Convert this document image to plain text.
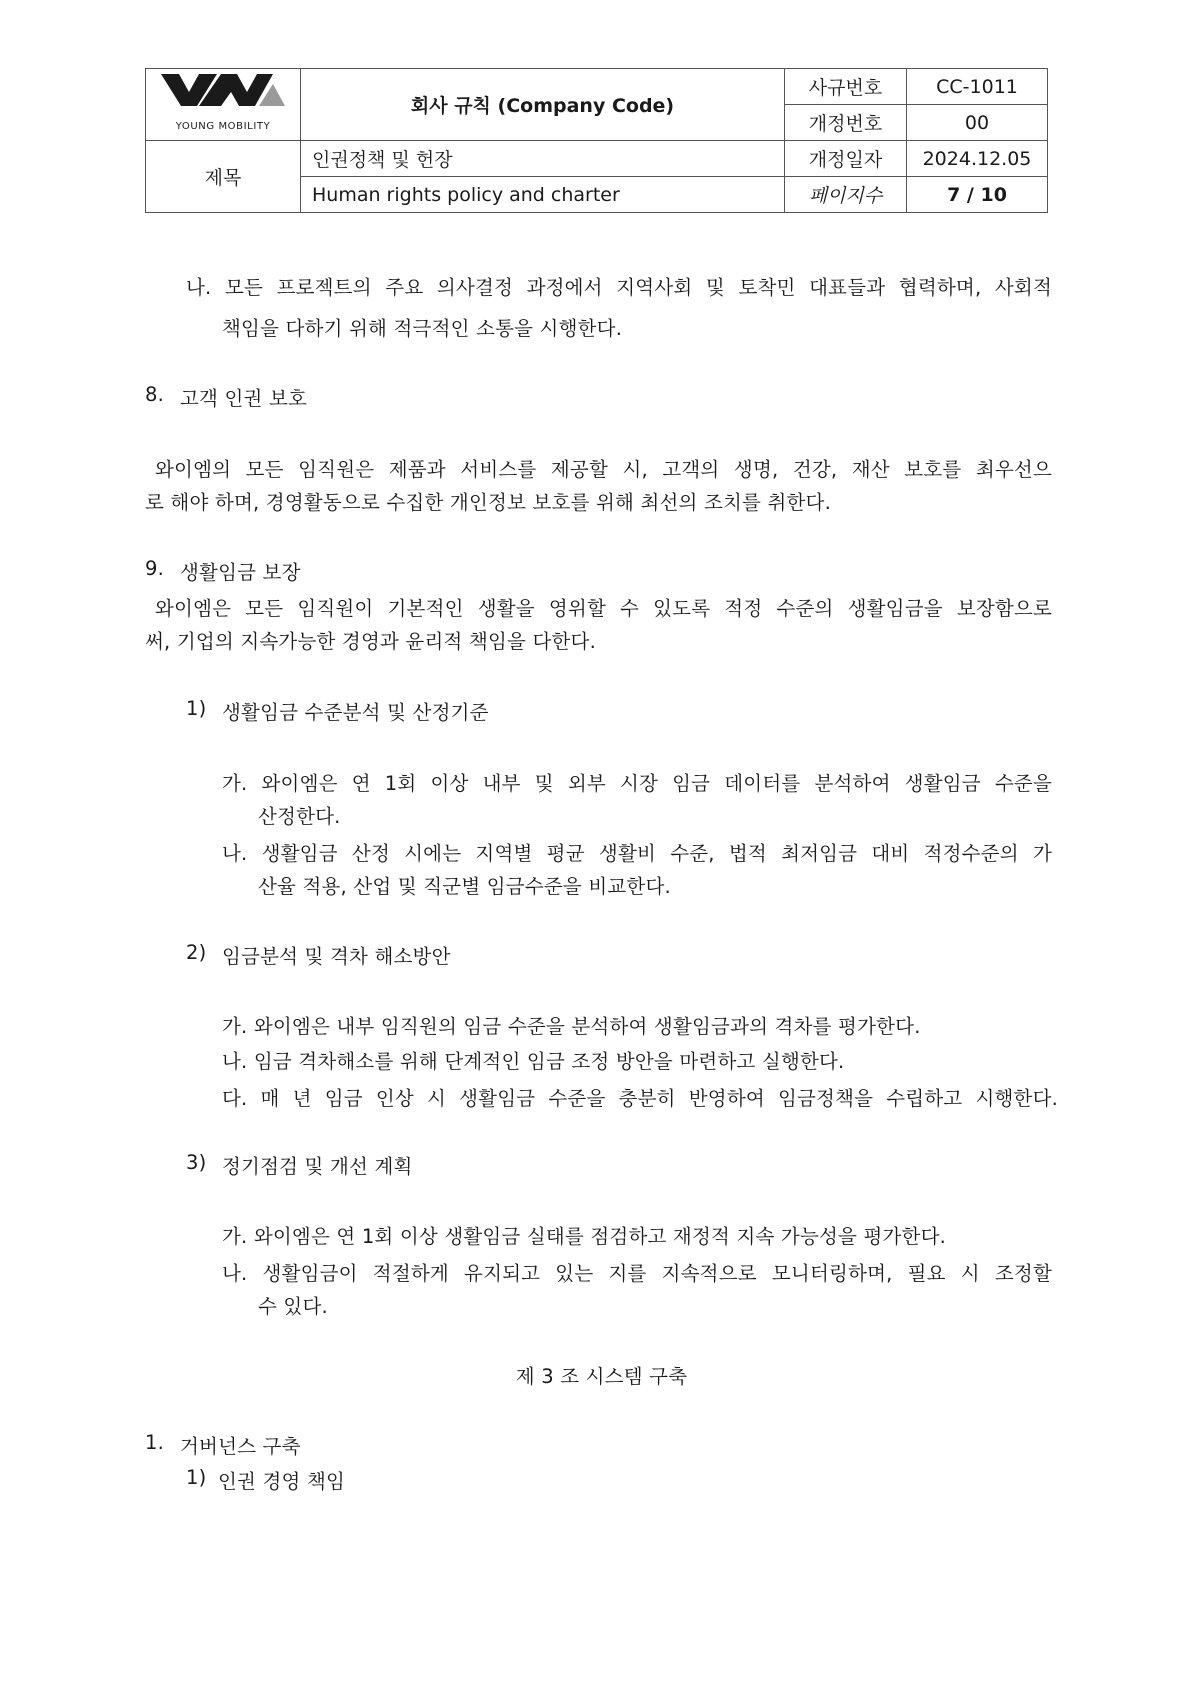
YOUNG MOBILITY	회사 규칙 (Company Code)	사규번호	CC-1011
		개정번호	00
제목	인권정책 및 헌장	개정일자	2024.12.05
	Human rights policy and charter	페이지수	7 / 10
나. 모든 프로젝트의 주요 의사결정 과정에서 지역사회 및 토착민 대표들과 협력하며, 사회적
책임을 다하기 위해 적극적인 소통을 시행한다.
8. 고객 인권 보호
와이엠의 모든 임직원은 제품과 서비스를 제공할 시, 고객의 생명, 건강, 재산 보호를 최우선으
로 해야 하며, 경영활동으로 수집한 개인정보 보호를 위해 최선의 조치를 취한다.
9. 생활임금 보장
와이엠은 모든 임직원이 기본적인 생활을 영위할 수 있도록 적정 수준의 생활임금을 보장함으로
써, 기업의 지속가능한 경영과 윤리적 책임을 다한다.
1) 생활임금 수준분석 및 산정기준
가. 와이엠은 연 1회 이상 내부 및 외부 시장 임금 데이터를 분석하여 생활임금 수준을
산정한다.
나. 생활임금 산정 시에는 지역별 평균 생활비 수준, 법적 최저임금 대비 적정수준의 가
산율 적용, 산업 및 직군별 임금수준을 비교한다.
2) 임금분석 및 격차 해소방안
가. 와이엠은 내부 임직원의 임금 수준을 분석하여 생활임금과의 격차를 평가한다.
나. 임금 격차해소를 위해 단계적인 임금 조정 방안을 마련하고 실행한다.
다. 매 년 임금 인상 시 생활임금 수준을 충분히 반영하여 임금정책을 수립하고 시행한다.
3) 정기점검 및 개선 계획
가. 와이엠은 연 1회 이상 생활임금 실태를 점검하고 재정적 지속 가능성을 평가한다.
나. 생활임금이 적절하게 유지되고 있는 지를 지속적으로 모니터링하며, 필요 시 조정할
수 있다.
제 3 조 시스템 구축
1. 거버넌스 구축
1) 인권 경영 책임
